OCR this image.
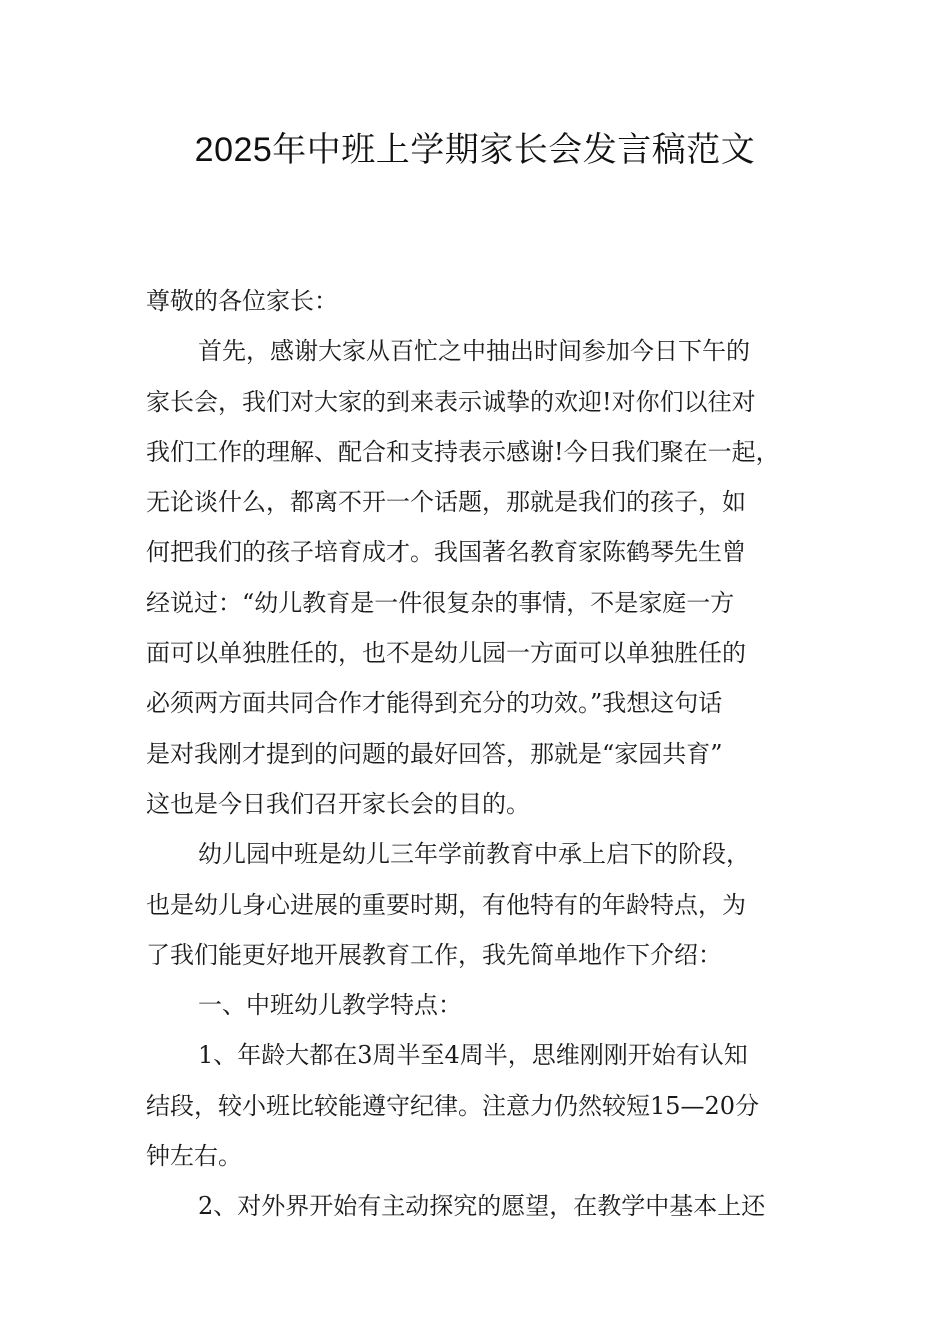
2025年中班上学期家长会发言稿范文
尊敬的各位家长：
首先，感谢大家从百忙之中抽出时间参加今日下午的
家长会，我们对大家的到来表示诚挚的欢迎!对你们以往对
我们工作的理解、配合和支持表示感谢!今日我们聚在一起，
无论谈什么，都离不开一个话题，那就是我们的孩子，如
何把我们的孩子培育成才。我国著名教育家陈鹤琴先生曾
经说过：“幼儿教育是一件很复杂的事情，不是家庭一方
面可以单独胜任的，也不是幼儿园一方面可以单独胜任的
必须两方面共同合作才能得到充分的功效。”我想这句话
是对我刚才提到的问题的最好回答，那就是“家园共育”
这也是今日我们召开家长会的目的。
幼儿园中班是幼儿三年学前教育中承上启下的阶段，
也是幼儿身心进展的重要时期，有他特有的年龄特点，为
了我们能更好地开展教育工作，我先简单地作下介绍：
一、中班幼儿教学特点：
1、年龄大都在3周半至4周半，思维刚刚开始有认知
结段，较小班比较能遵守纪律。注意力仍然较短15—20分
钟左右。
2、对外界开始有主动探究的愿望，在教学中基本上还
